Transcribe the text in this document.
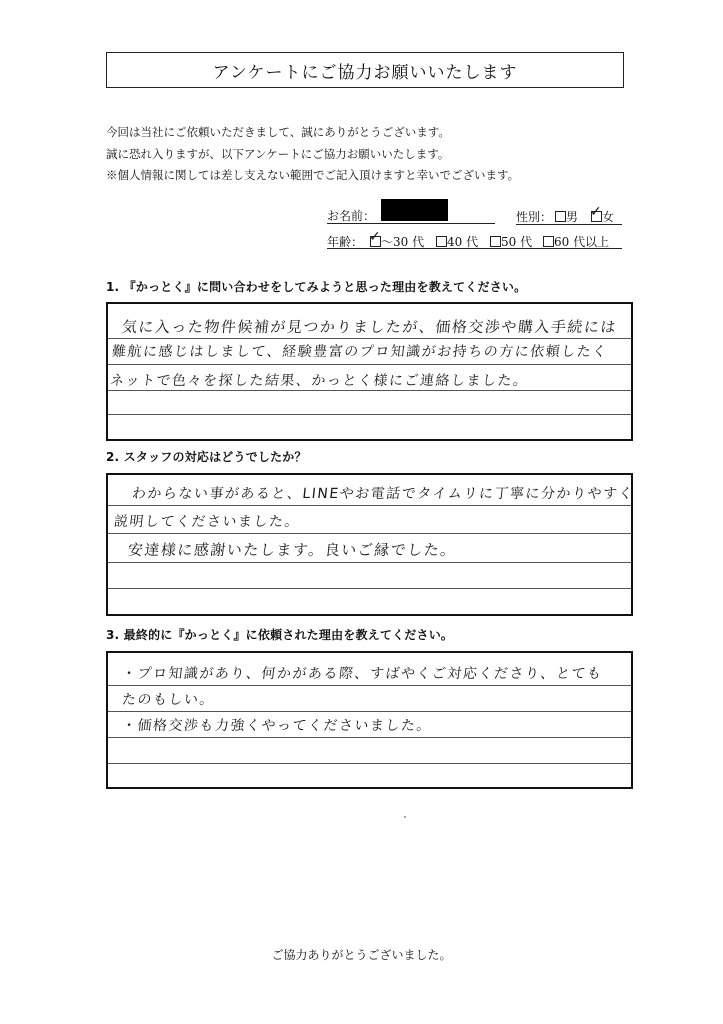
アンケートにご協力お願いいたします
今回は当社にご依頼いただきまして、誠にありがとうございます。
誠に恐れ入りますが、以下アンケートにご協力お願いいたします。
※個人情報に関しては差し支えない範囲でご記入頂けますと幸いでございます。
お名前：	性別：	男 ✓ 女
年齢： ✓ ～30 代	40 代	50 代	60 代以上
1. 『かっとく』に問い合わせをしてみようと思った理由を教えてください。
気に入った物件候補が見つかりましたが、価格交渉や購入手続には
難航に感じはしまして、経験豊富のプロ知識がお持ちの方に依頼したく
ネットで色々を探した結果、かっとく様にご連絡しました。
2. スタッフの対応はどうでしたか？
わからない事があると、LINEやお電話でタイムリに丁寧に分かりやすく
説明してくださいました。
安達様に感謝いたします。良いご縁でした。
3. 最終的に『かっとく』に依頼された理由を教えてください。
・プロ知識があり、何かがある際、すばやくご対応くださり、とても
たのもしい。
・価格交渉も力強くやってくださいました。
ご協力ありがとうございました。
